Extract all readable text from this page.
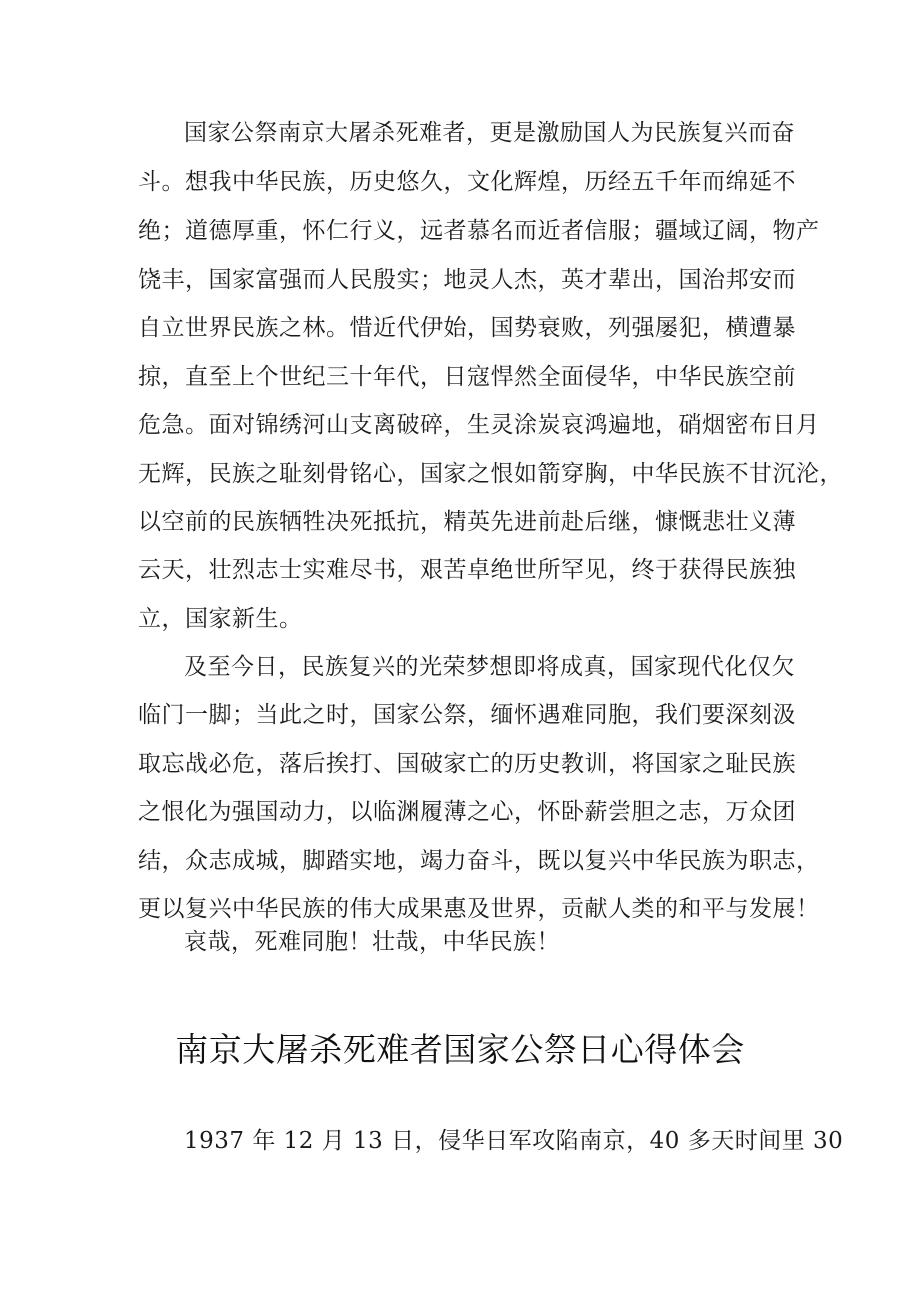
国家公祭南京大屠杀死难者，更是激励国人为民族复兴而奋
斗。想我中华民族，历史悠久，文化辉煌，历经五千年而绵延不
绝；道德厚重，怀仁行义，远者慕名而近者信服；疆域辽阔，物产
饶丰，国家富强而人民殷实；地灵人杰，英才辈出，国治邦安而
自立世界民族之林。惜近代伊始，国势衰败，列强屡犯，横遭暴
掠，直至上个世纪三十年代，日寇悍然全面侵华，中华民族空前
危急。面对锦绣河山支离破碎，生灵涂炭哀鸿遍地，硝烟密布日月
无辉，民族之耻刻骨铭心，国家之恨如箭穿胸，中华民族不甘沉沦，
以空前的民族牺牲决死抵抗，精英先进前赴后继，慷慨悲壮义薄
云天，壮烈志士实难尽书，艰苦卓绝世所罕见，终于获得民族独
立，国家新生。
及至今日，民族复兴的光荣梦想即将成真，国家现代化仅欠
临门一脚；当此之时，国家公祭，缅怀遇难同胞，我们要深刻汲
取忘战必危，落后挨打、国破家亡的历史教训，将国家之耻民族
之恨化为强国动力，以临渊履薄之心，怀卧薪尝胆之志，万众团
结，众志成城，脚踏实地，竭力奋斗，既以复兴中华民族为职志，
更以复兴中华民族的伟大成果惠及世界，贡献人类的和平与发展！
哀哉，死难同胞！壮哉，中华民族！
南京大屠杀死难者国家公祭日心得体会
1937 年 12 月 13 日，侵华日军攻陷南京，40 多天时间里 30
